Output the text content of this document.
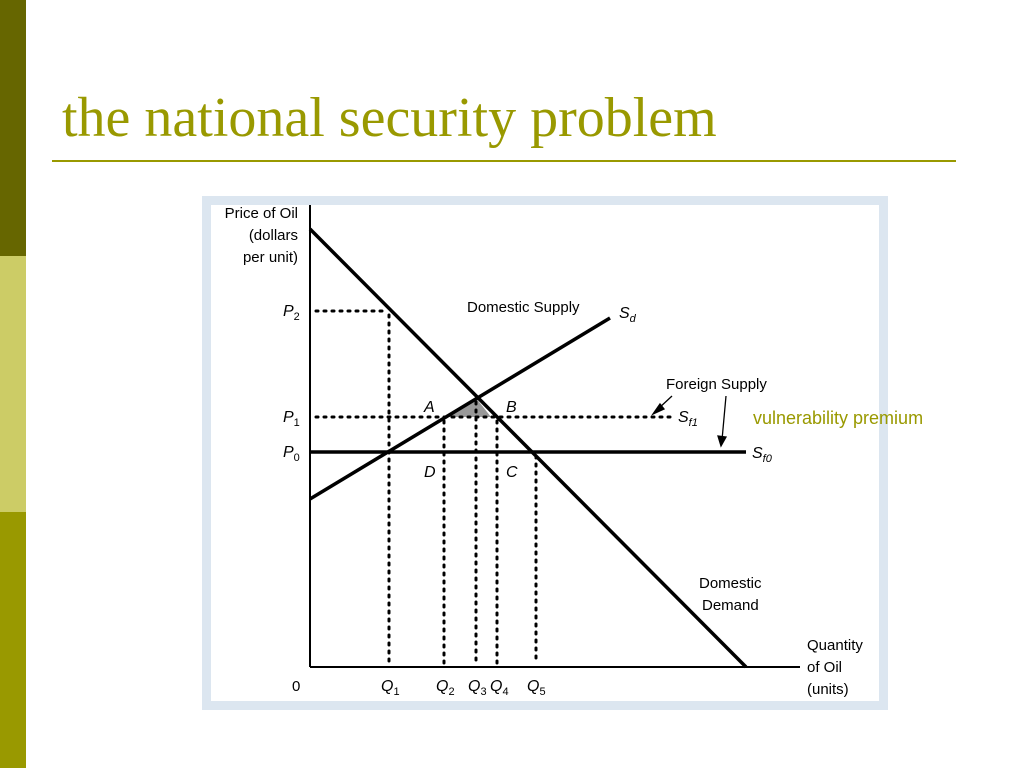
the national security problem
Price of Oil
(dollars
per unit)
Quantity
of Oil
(units)
0
$P_2$
$P_1$
$P_0$
$Q_1$ $Q_2$ $Q_3$ $Q_4$ $Q_5$
Domestic Supply $S_d$
Foreign Supply
$S_{f1}$
$S_{f0}$
Domestic
Demand
A	B
C
D
vulnerability premium
